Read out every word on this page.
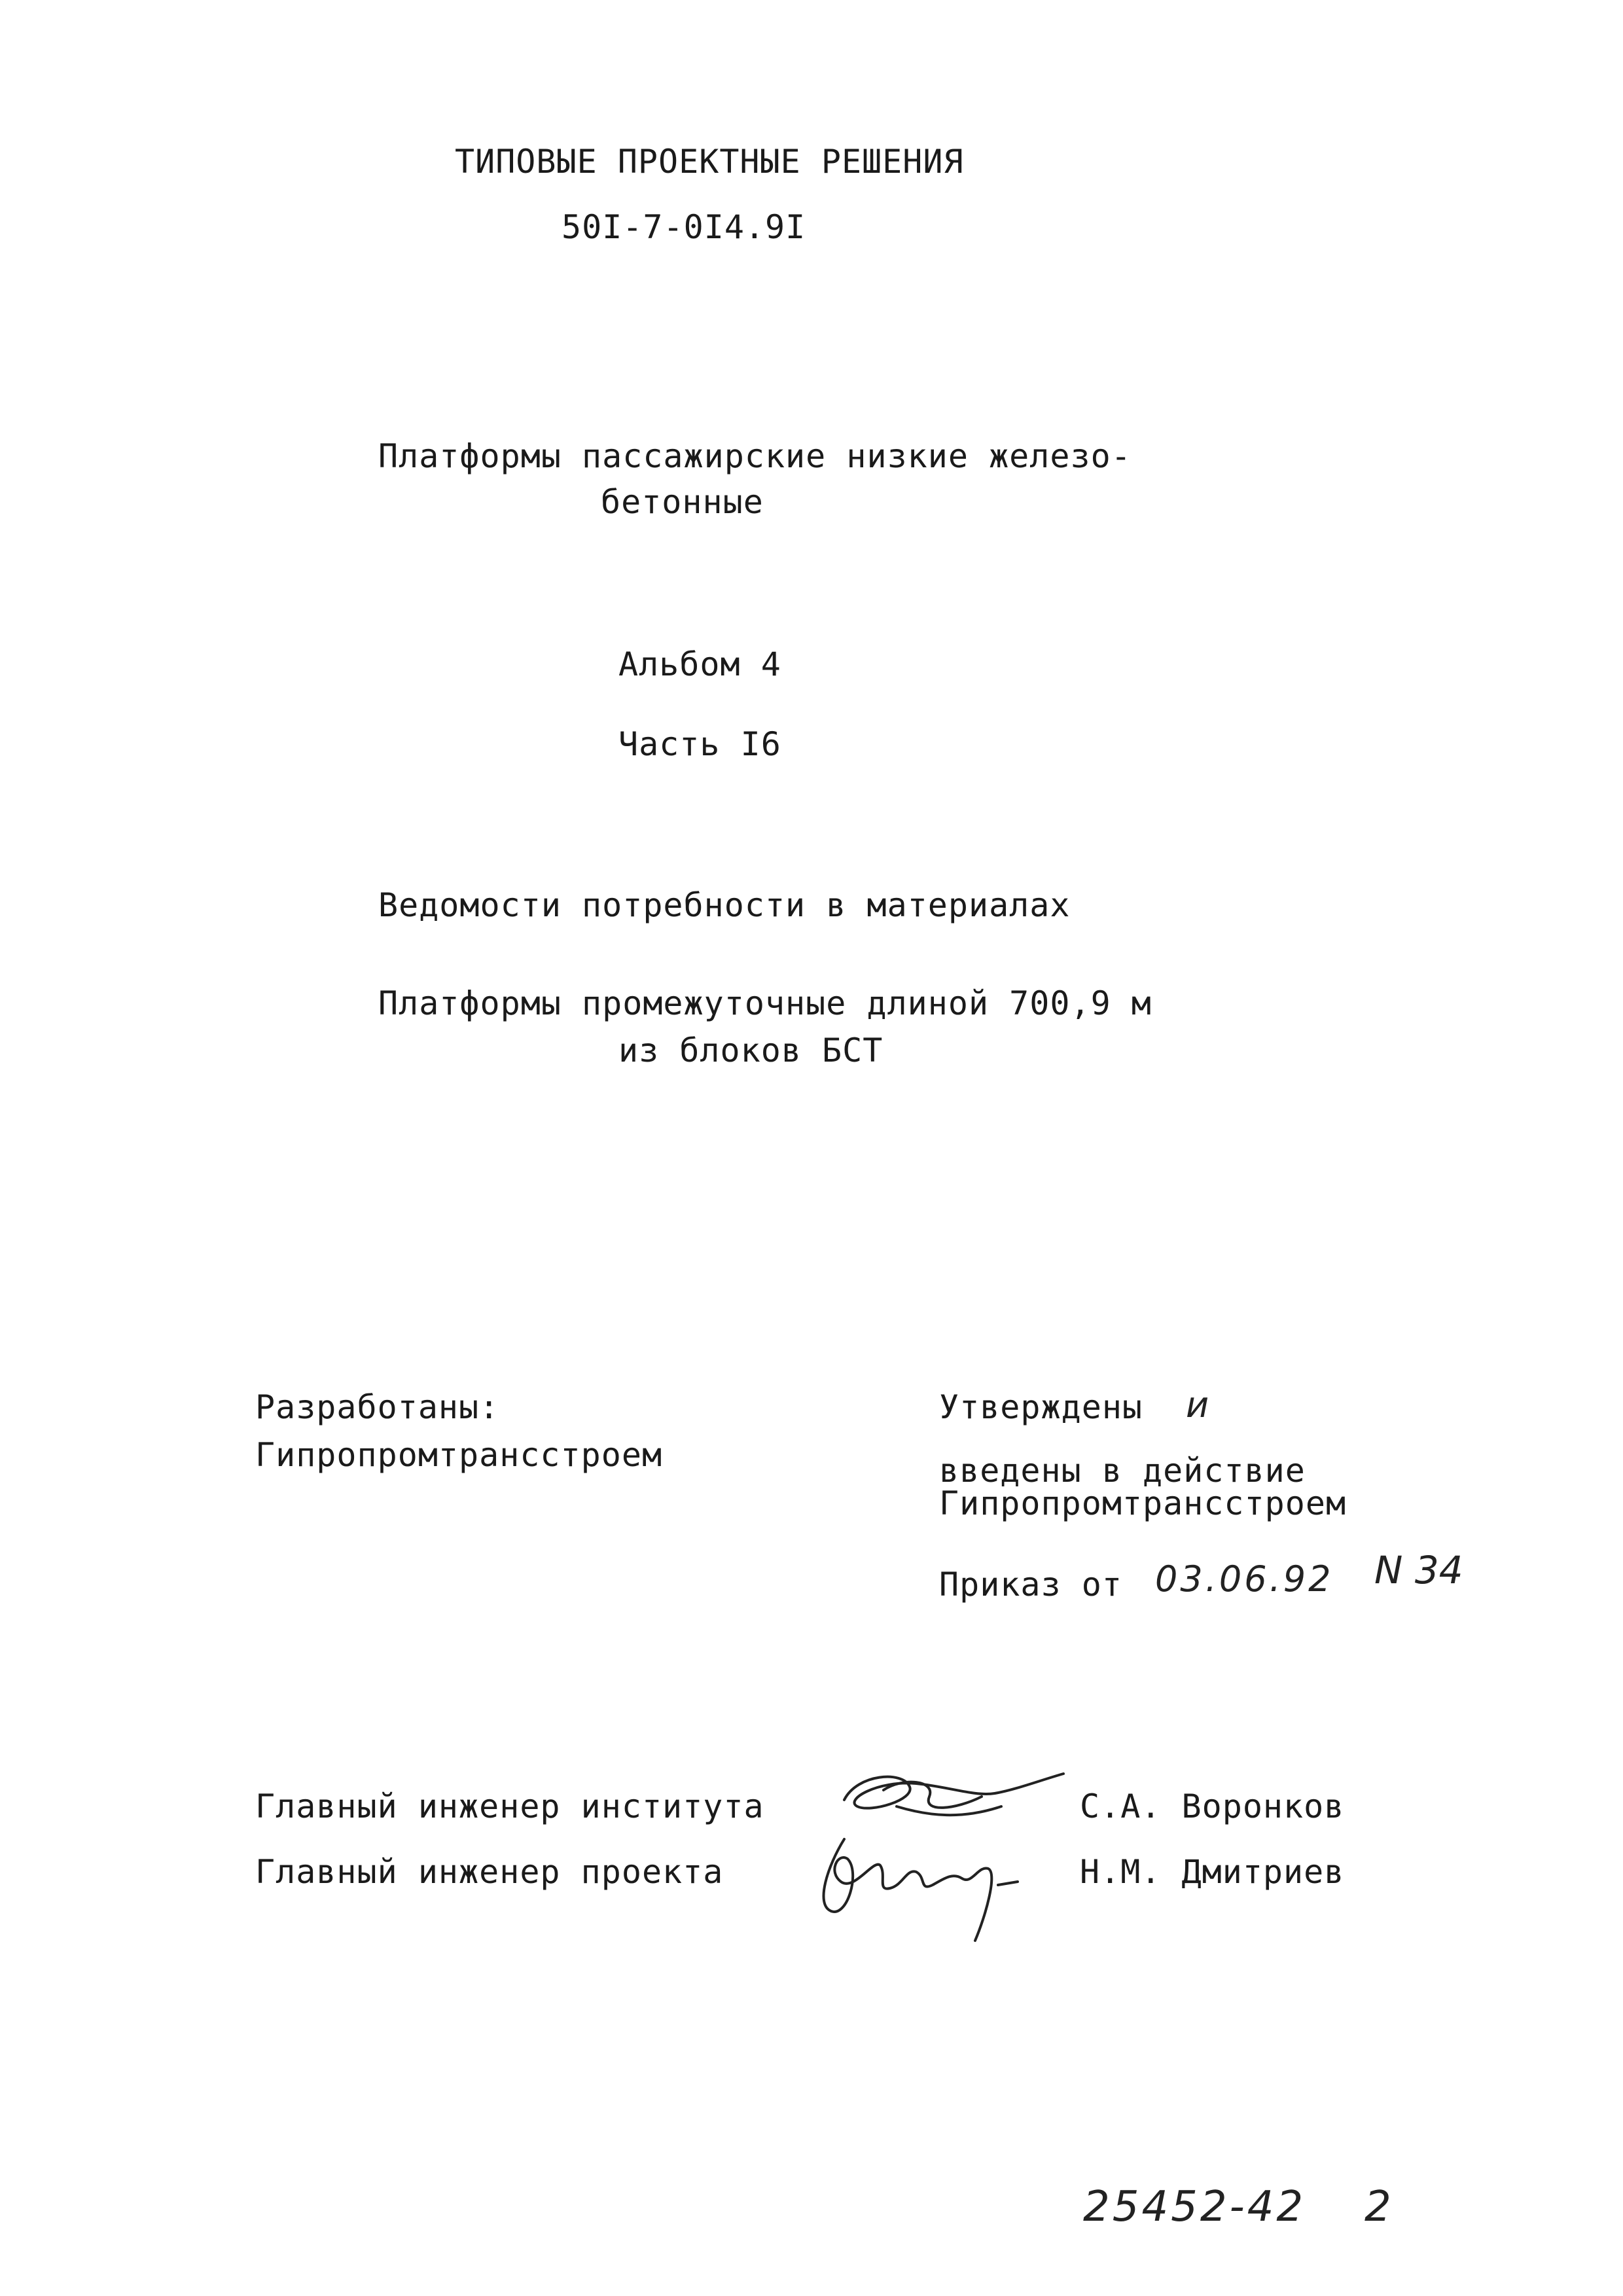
ТИПОВЫЕ ПРОЕКТНЫЕ РЕШЕНИЯ
50I-7-0I4.9I
Платформы пассажирские низкие железо-
бетонные
Альбом 4
Часть I6
Ведомости потребности в материалах
Платформы промежуточные длиной 700,9 м
из блоков БСТ
Разработаны:
Гипропромтрансстроем
Утверждены и
введены в действие
Гипропромтрансстроем
Приказ от 03.06.92 N 34
Главный инженер института	С.А. Воронков
Главный инженер проекта	Н.М. Дмитриев
25452-42 2
